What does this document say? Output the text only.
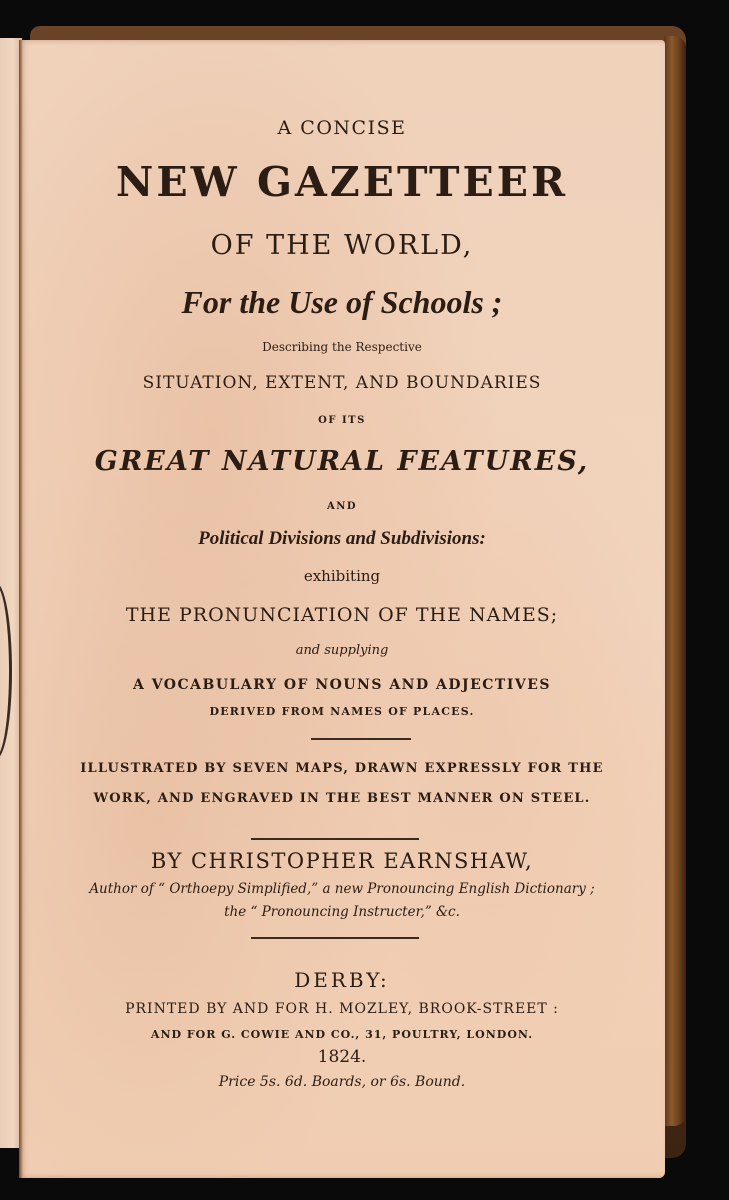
A CONCISE
NEW GAZETTEER
OF THE WORLD,
For the Use of Schools ;
Describing the Respective
SITUATION, EXTENT, AND BOUNDARIES
OF ITS
GREAT NATURAL FEATURES,
AND
Political Divisions and Subdivisions:
exhibiting
THE PRONUNCIATION OF THE NAMES;
and supplying
A VOCABULARY OF NOUNS AND ADJECTIVES
DERIVED FROM NAMES OF PLACES.
ILLUSTRATED BY SEVEN MAPS, DRAWN EXPRESSLY FOR THE
WORK, AND ENGRAVED IN THE BEST MANNER ON STEEL.
BY CHRISTOPHER EARNSHAW,
Author of “ Orthoepy Simplified,” a new Pronouncing English Dictionary ;
the “ Pronouncing Instructer,” &c.
DERBY:
PRINTED BY AND FOR H. MOZLEY, BROOK-STREET :
AND FOR G. COWIE AND CO., 31, POULTRY, LONDON.
1824.
Price 5s. 6d. Boards, or 6s. Bound.
